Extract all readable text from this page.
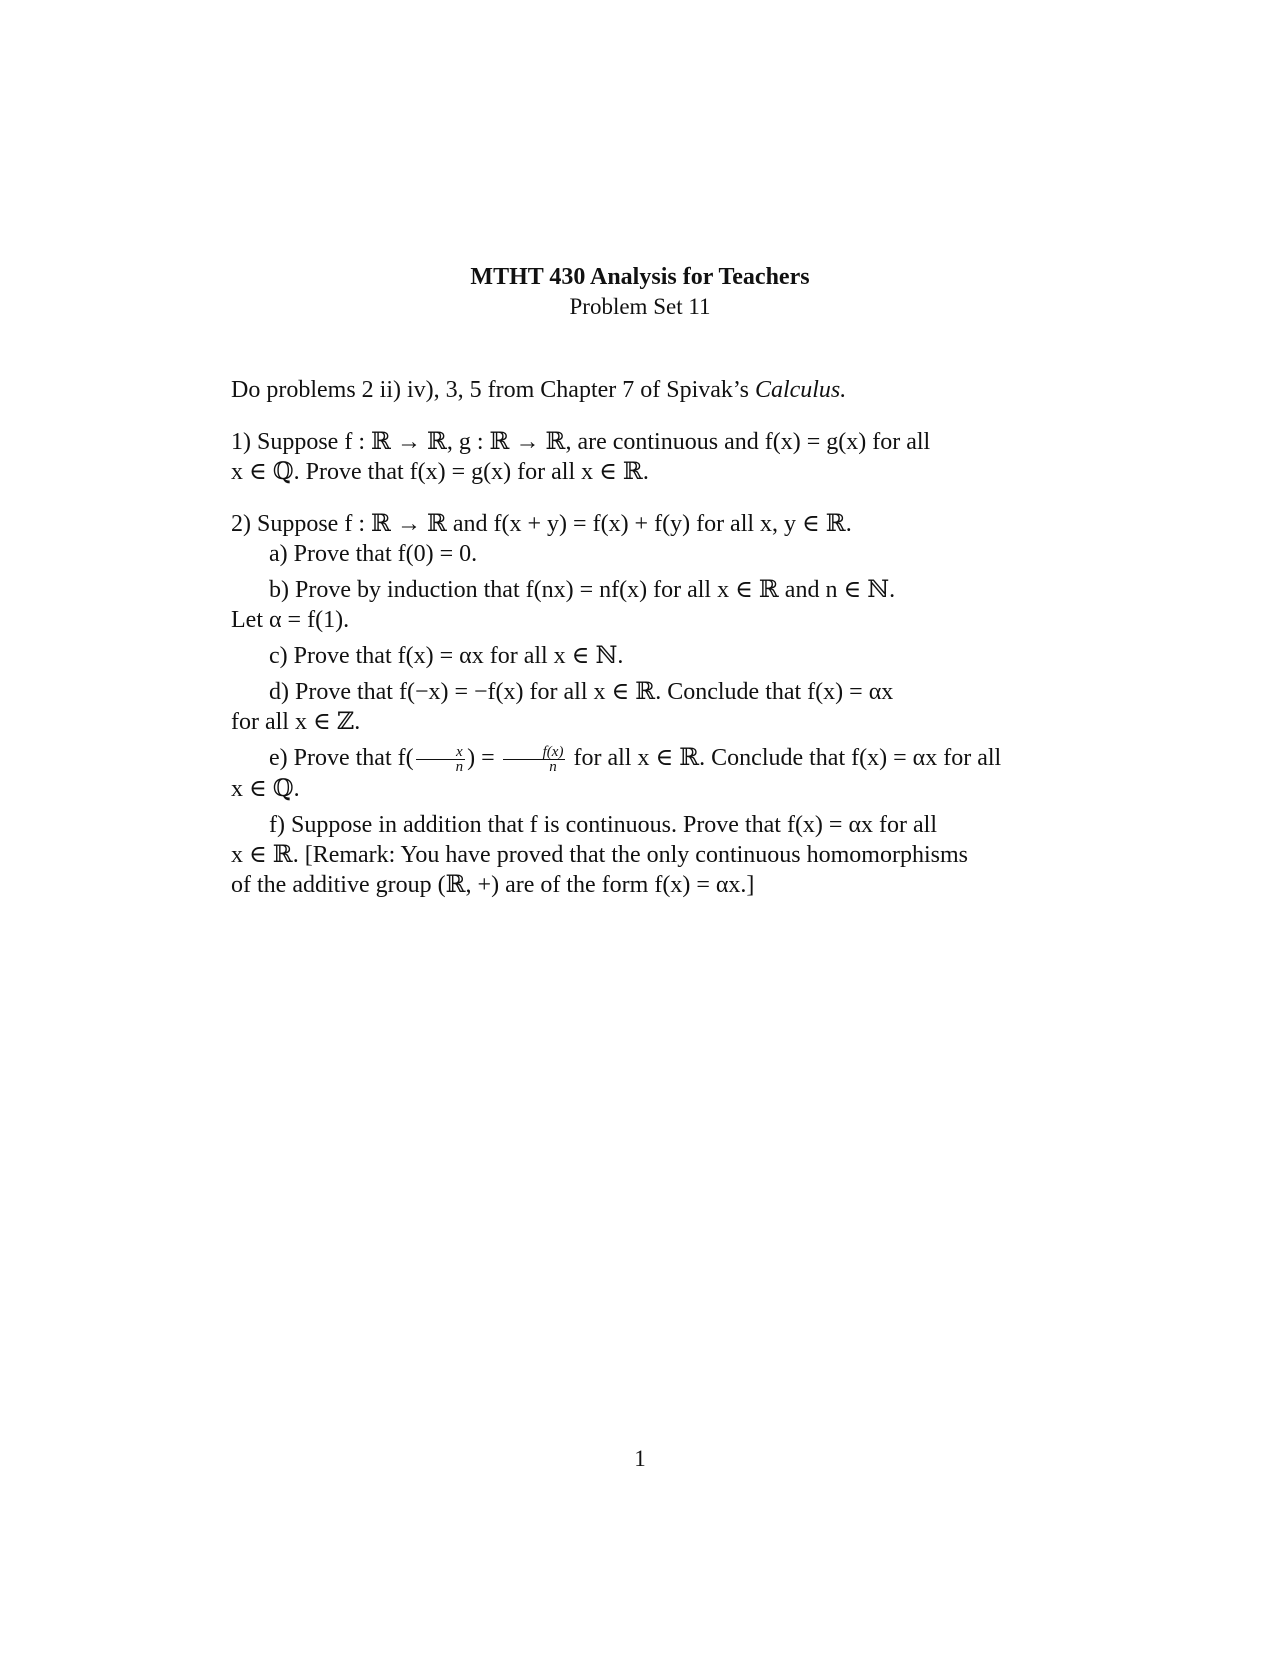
MTHT 430 Analysis for Teachers
Problem Set 11

Do problems 2 ii) iv), 3, 5 from Chapter 7 of Spivak’s Calculus.

1) Suppose f : ℝ → ℝ, g : ℝ → ℝ, are continuous and f(x) = g(x) for all
x ∈ ℚ. Prove that f(x) = g(x) for all x ∈ ℝ.

2) Suppose f : ℝ → ℝ and f(x + y) = f(x) + f(y) for all x, y ∈ ℝ.
a) Prove that f(0) = 0.
b) Prove by induction that f(nx) = nf(x) for all x ∈ ℝ and n ∈ ℕ.
Let α = f(1).
c) Prove that f(x) = αx for all x ∈ ℕ.
d) Prove that f(−x) = −f(x) for all x ∈ ℝ. Conclude that f(x) = αx
for all x ∈ ℤ.
e) Prove that $f( \frac{x}{n}$ ) = $\frac{f(x)}{n}$ for all x ∈ ℝ. Conclude that f(x) = αx for all
x ∈ ℚ.
f) Suppose in addition that f is continuous. Prove that f(x) = αx for all
x ∈ ℝ. [Remark: You have proved that the only continuous homomorphisms
of the additive group (ℝ, +) are of the form f(x) = αx.]
1
